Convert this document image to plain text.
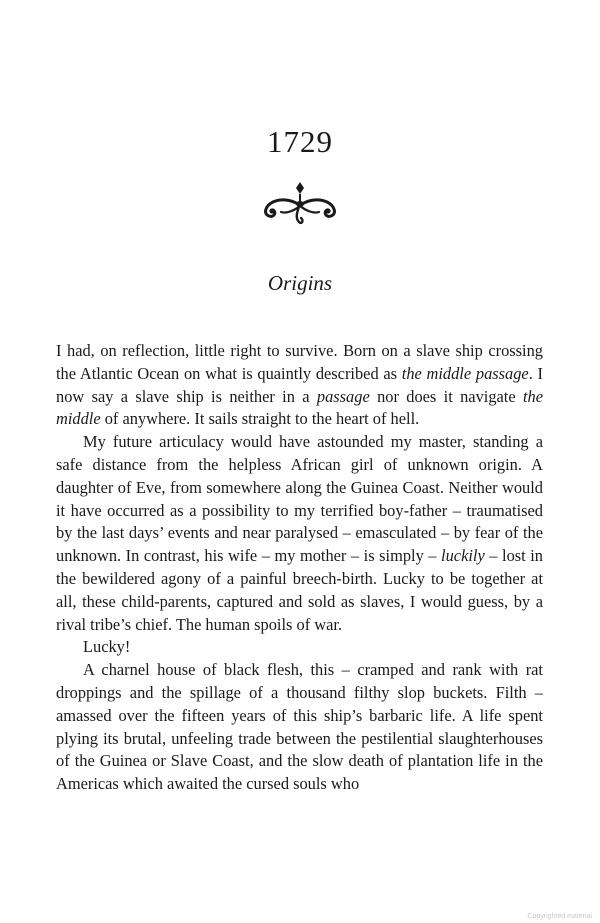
1729
Origins

I had, on reflection, little right to survive. Born on a slave ship crossing the Atlantic Ocean on what is quaintly described as the middle passage. I now say a slave ship is neither in a passage nor does it navigate the middle of anywhere. It sails straight to the heart of hell.

My future articulacy would have astounded my master, standing a safe distance from the helpless African girl of unknown origin. A daughter of Eve, from somewhere along the Guinea Coast. Neither would it have occurred as a possibility to my terrified boy-father – traumatised by the last days’ events and near paralysed – emasculated – by fear of the unknown. In contrast, his wife – my mother – is simply – luckily – lost in the bewildered agony of a painful breech-birth. Lucky to be together at all, these child-parents, captured and sold as slaves, I would guess, by a rival tribe’s chief. The human spoils of war.

Lucky!

A charnel house of black flesh, this – cramped and rank with rat droppings and the spillage of a thousand filthy slop buckets. Filth – amassed over the fifteen years of this ship’s barbaric life. A life spent plying its brutal, unfeeling trade between the pestilential slaughterhouses of the Guinea or Slave Coast, and the slow death of plantation life in the Americas which awaited the cursed souls who

Copyrighted material
